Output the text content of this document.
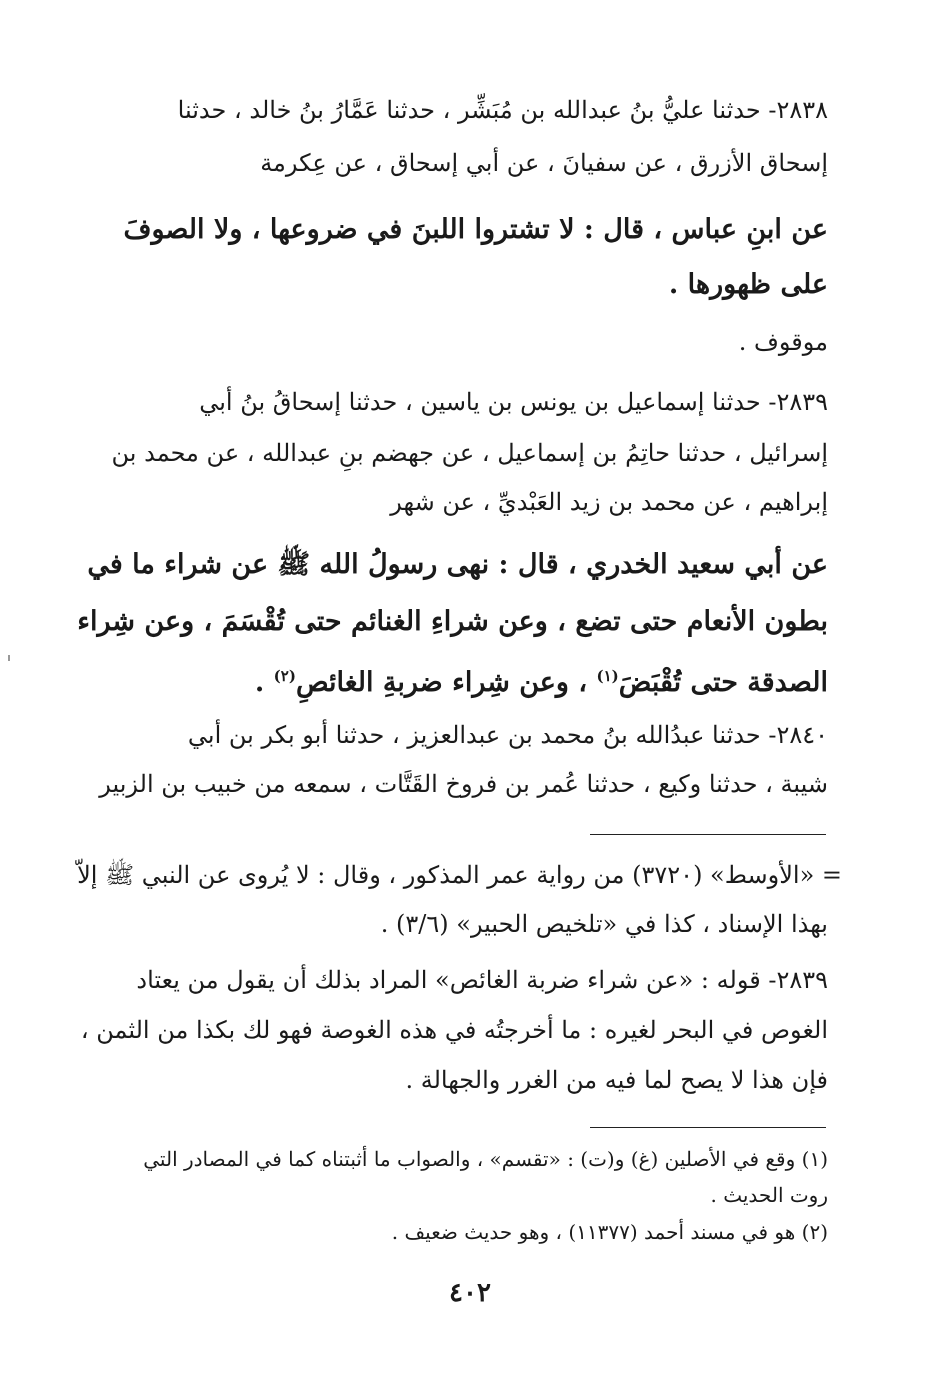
٢٨٣٨- حدثنا عليُّ بنُ عبدالله بن مُبَشِّر ، حدثنا عَمَّارُ بنُ خالد ، حدثنا
إسحاق الأزرق ، عن سفيانَ ، عن أبي إسحاق ، عن عِكرمة
عن ابنِ عباس ، قال : لا تشتروا اللبنَ في ضروعها ، ولا الصوفَ
على ظهورها .
موقوف .
٢٨٣٩- حدثنا إسماعيل بن يونس بن ياسين ، حدثنا إسحاقُ بنُ أبي
إسرائيل ، حدثنا حاتِمُ بن إسماعيل ، عن جهضم بنِ عبدالله ، عن محمد بن
إبراهيم ، عن محمد بن زيد العَبْديِّ ، عن شهر
عن أبي سعيد الخدري ، قال : نهى رسولُ الله ﷺ عن شراء ما في
بطون الأنعام حتى تضع ، وعن شراءِ الغنائم حتى تُقْسَمَ ، وعن شِراء
الصدقة حتى تُقْبَضَ$^{(١)}$ ، وعن شِراء ضربةِ الغائصِ$^{(٢)}$ .
٢٨٤٠- حدثنا عبدُالله بنُ محمد بن عبدالعزيز ، حدثنا أبو بكر بن أبي
شيبة ، حدثنا وكيع ، حدثنا عُمر بن فروخ القَتَّات ، سمعه من خبيب بن الزبير
= «الأوسط» (٣٧٢٠) من رواية عمر المذكور ، وقال : لا يُروى عن النبي ﷺ إلاّ
بهذا الإسناد ، كذا في «تلخيص الحبير» (٣/٦) .
٢٨٣٩- قوله : «عن شراء ضربة الغائص» المراد بذلك أن يقول من يعتاد
الغوص في البحر لغيره : ما أخرجتُه في هذه الغوصة فهو لك بكذا من الثمن ،
فإن هذا لا يصح لما فيه من الغرر والجهالة .
(١) وقع في الأصلين (غ) و(ت) : «تقسم» ، والصواب ما أثبتناه كما في المصادر التي
روت الحديث .
(٢) هو في مسند أحمد (١١٣٧٧) ، وهو حديث ضعيف .
٤٠٢
